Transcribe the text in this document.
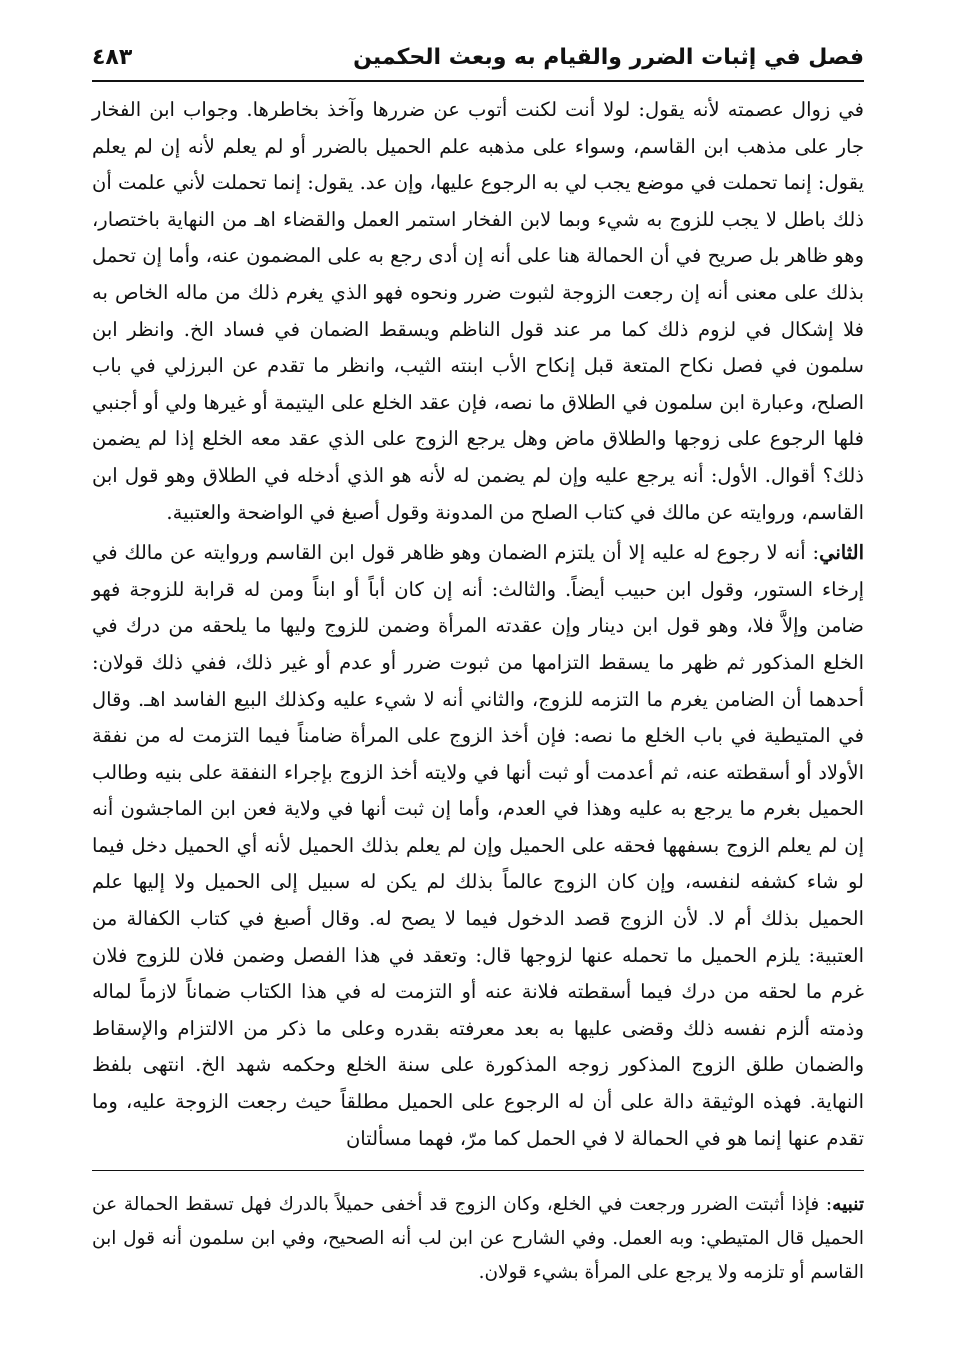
فصل في إثبات الضرر والقيام به وبعث الحكمين
٤٨٣

في زوال عصمته لأنه يقول: لولا أنت لكنت أتوب عن ضررها وآخذ بخاطرها. وجواب ابن الفخار جار على مذهب ابن القاسم، وسواء على مذهبه علم الحميل بالضرر أو لم يعلم لأنه إن لم يعلم يقول: إنما تحملت في موضع يجب لي به الرجوع عليها، وإن عد. يقول: إنما تحملت لأني علمت أن ذلك باطل لا يجب للزوج به شيء وبما لابن الفخار استمر العمل والقضاء اهـ من النهاية باختصار، وهو ظاهر بل صريح في أن الحمالة هنا على أنه إن أدى رجع به على المضمون عنه، وأما إن تحمل بذلك على معنى أنه إن رجعت الزوجة لثبوت ضرر ونحوه فهو الذي يغرم ذلك من ماله الخاص به فلا إشكال في لزوم ذلك كما مر عند قول الناظم ويسقط الضمان في فساد الخ. وانظر ابن سلمون في فصل نكاح المتعة قبل إنكاح الأب ابنته الثيب، وانظر ما تقدم عن البرزلي في باب الصلح، وعبارة ابن سلمون في الطلاق ما نصه، فإن عقد الخلع على اليتيمة أو غيرها ولي أو أجنبي فلها الرجوع على زوجها والطلاق ماض وهل يرجع الزوج على الذي عقد معه الخلع إذا لم يضمن ذلك؟ أقوال. الأول: أنه يرجع عليه وإن لم يضمن له لأنه هو الذي أدخله في الطلاق وهو قول ابن القاسم، وروايته عن مالك في كتاب الصلح من المدونة وقول أصبغ في الواضحة والعتبية.

الثاني: أنه لا رجوع له عليه إلا أن يلتزم الضمان وهو ظاهر قول ابن القاسم وروايته عن مالك في إرخاء الستور، وقول ابن حبيب أيضاً. والثالث: أنه إن كان أباً أو ابناً ومن له قرابة للزوجة فهو ضامن وإلاَّ فلا، وهو قول ابن دينار وإن عقدته المرأة وضمن للزوج وليها ما يلحقه من درك في الخلع المذكور ثم ظهر ما يسقط التزامها من ثبوت ضرر أو عدم أو غير ذلك، ففي ذلك قولان: أحدهما أن الضامن يغرم ما التزمه للزوج، والثاني أنه لا شيء عليه وكذلك البيع الفاسد اهـ. وقال في المتيطية في باب الخلع ما نصه: فإن أخذ الزوج على المرأة ضامناً فيما التزمت له من نفقة الأولاد أو أسقطته عنه، ثم أعدمت أو ثبت أنها في ولايته أخذ الزوج بإجراء النفقة على بنيه وطالب الحميل بغرم ما يرجع به عليه وهذا في العدم، وأما إن ثبت أنها في ولاية فعن ابن الماجشون أنه إن لم يعلم الزوج بسفهها فحقه على الحميل وإن لم يعلم بذلك الحميل لأنه أي الحميل دخل فيما لو شاء كشفه لنفسه، وإن كان الزوج عالماً بذلك لم يكن له سبيل إلى الحميل ولا إليها علم الحميل بذلك أم لا. لأن الزوج قصد الدخول فيما لا يصح له. وقال أصبغ في كتاب الكفالة من العتبية: يلزم الحميل ما تحمله عنها لزوجها قال: وتعقد في هذا الفصل وضمن فلان للزوج فلان غرم ما لحقه من درك فيما أسقطته فلانة عنه أو التزمت له في هذا الكتاب ضماناً لازماً لماله وذمته ألزم نفسه ذلك وقضى عليها به بعد معرفته بقدره وعلى ما ذكر من الالتزام والإسقاط والضمان طلق الزوج المذكور زوجه المذكورة على سنة الخلع وحكمه شهد الخ. انتهى بلفظ النهاية. فهذه الوثيقة دالة على أن له الرجوع على الحميل مطلقاً حيث رجعت الزوجة عليه، وما تقدم عنها إنما هو في الحمالة لا في الحمل كما مرّ، فهما مسألتان

تنبيه: فإذا أثبتت الضرر ورجعت في الخلع، وكان الزوج قد أخفى حميلاً بالدرك فهل تسقط الحمالة عن الحميل قال المتيطي: وبه العمل. وفي الشارح عن ابن لب أنه الصحيح، وفي ابن سلمون أنه قول ابن القاسم أو تلزمه ولا يرجع على المرأة بشيء قولان.
